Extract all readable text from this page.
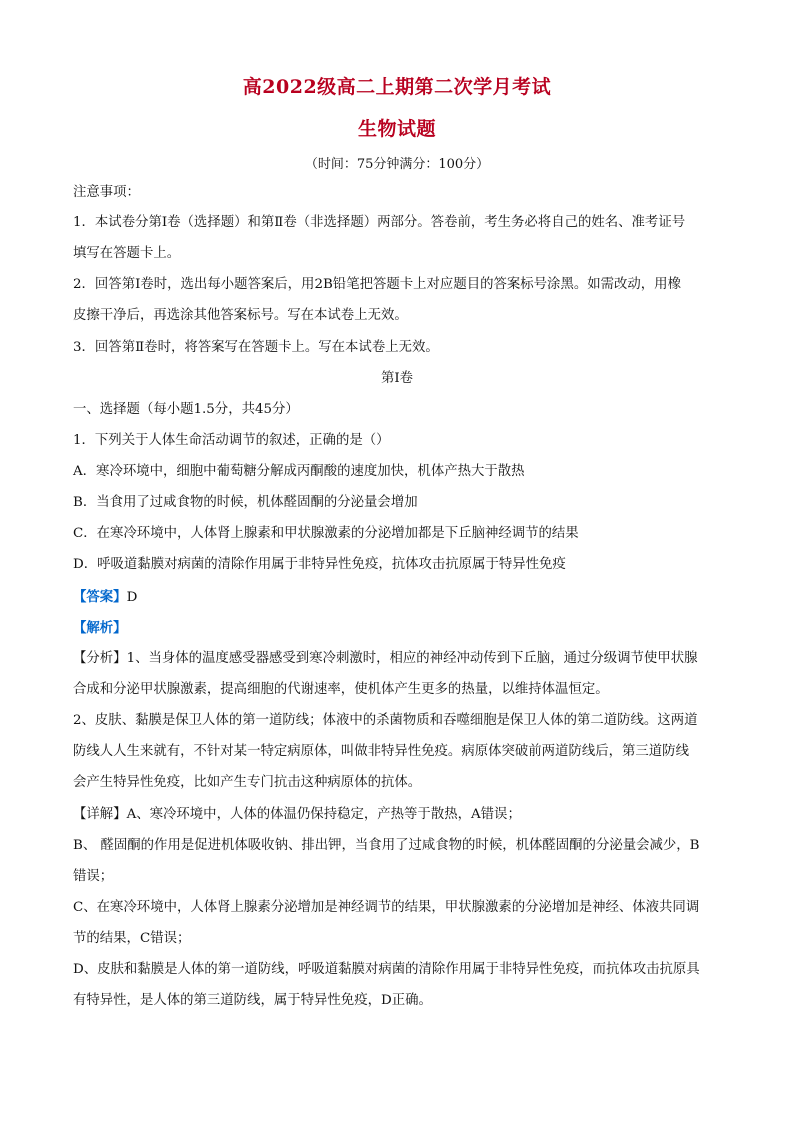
高2022级高二上期第二次学月考试
生物试题
（时间：75分钟满分：100分）
注意事项：
1．本试卷分第Ⅰ卷（选择题）和第Ⅱ卷（非选择题）两部分。答卷前，考生务必将自己的姓名、准考证号
填写在答题卡上。
2．回答第Ⅰ卷时，选出每小题答案后，用2B铅笔把答题卡上对应题目的答案标号涂黑。如需改动，用橡
皮擦干净后，再选涂其他答案标号。写在本试卷上无效。
3．回答第Ⅱ卷时，将答案写在答题卡上。写在本试卷上无效。
第Ⅰ卷
一、选择题（每小题1.5分，共45分）
1．下列关于人体生命活动调节的叙述，正确的是（）
A．寒冷环境中，细胞中葡萄糖分解成丙酮酸的速度加快，机体产热大于散热
B．当食用了过咸食物的时候，机体醛固酮的分泌量会增加
C．在寒冷环境中，人体肾上腺素和甲状腺激素的分泌增加都是下丘脑神经调节的结果
D．呼吸道黏膜对病菌的清除作用属于非特异性免疫，抗体攻击抗原属于特异性免疫
【答案】D
【解析】
【分析】1、当身体的温度感受器感受到寒冷刺激时，相应的神经冲动传到下丘脑，通过分级调节使甲状腺
合成和分泌甲状腺激素，提高细胞的代谢速率，使机体产生更多的热量，以维持体温恒定。
2、皮肤、黏膜是保卫人体的第一道防线；体液中的杀菌物质和吞噬细胞是保卫人体的第二道防线。这两道
防线人人生来就有，不针对某一特定病原体，叫做非特异性免疫。病原体突破前两道防线后，第三道防线
会产生特异性免疫，比如产生专门抗击这种病原体的抗体。
【详解】A、寒冷环境中，人体的体温仍保持稳定，产热等于散热，A错误；
B、 醛固酮的作用是促进机体吸收钠、排出钾，当食用了过咸食物的时候，机体醛固酮的分泌量会减少，B
错误；
C、在寒冷环境中，人体肾上腺素分泌增加是神经调节的结果，甲状腺激素的分泌增加是神经、体液共同调
节的结果，C错误；
D、皮肤和黏膜是人体的第一道防线，呼吸道黏膜对病菌的清除作用属于非特异性免疫，而抗体攻击抗原具
有特异性，是人体的第三道防线，属于特异性免疫，D正确。
